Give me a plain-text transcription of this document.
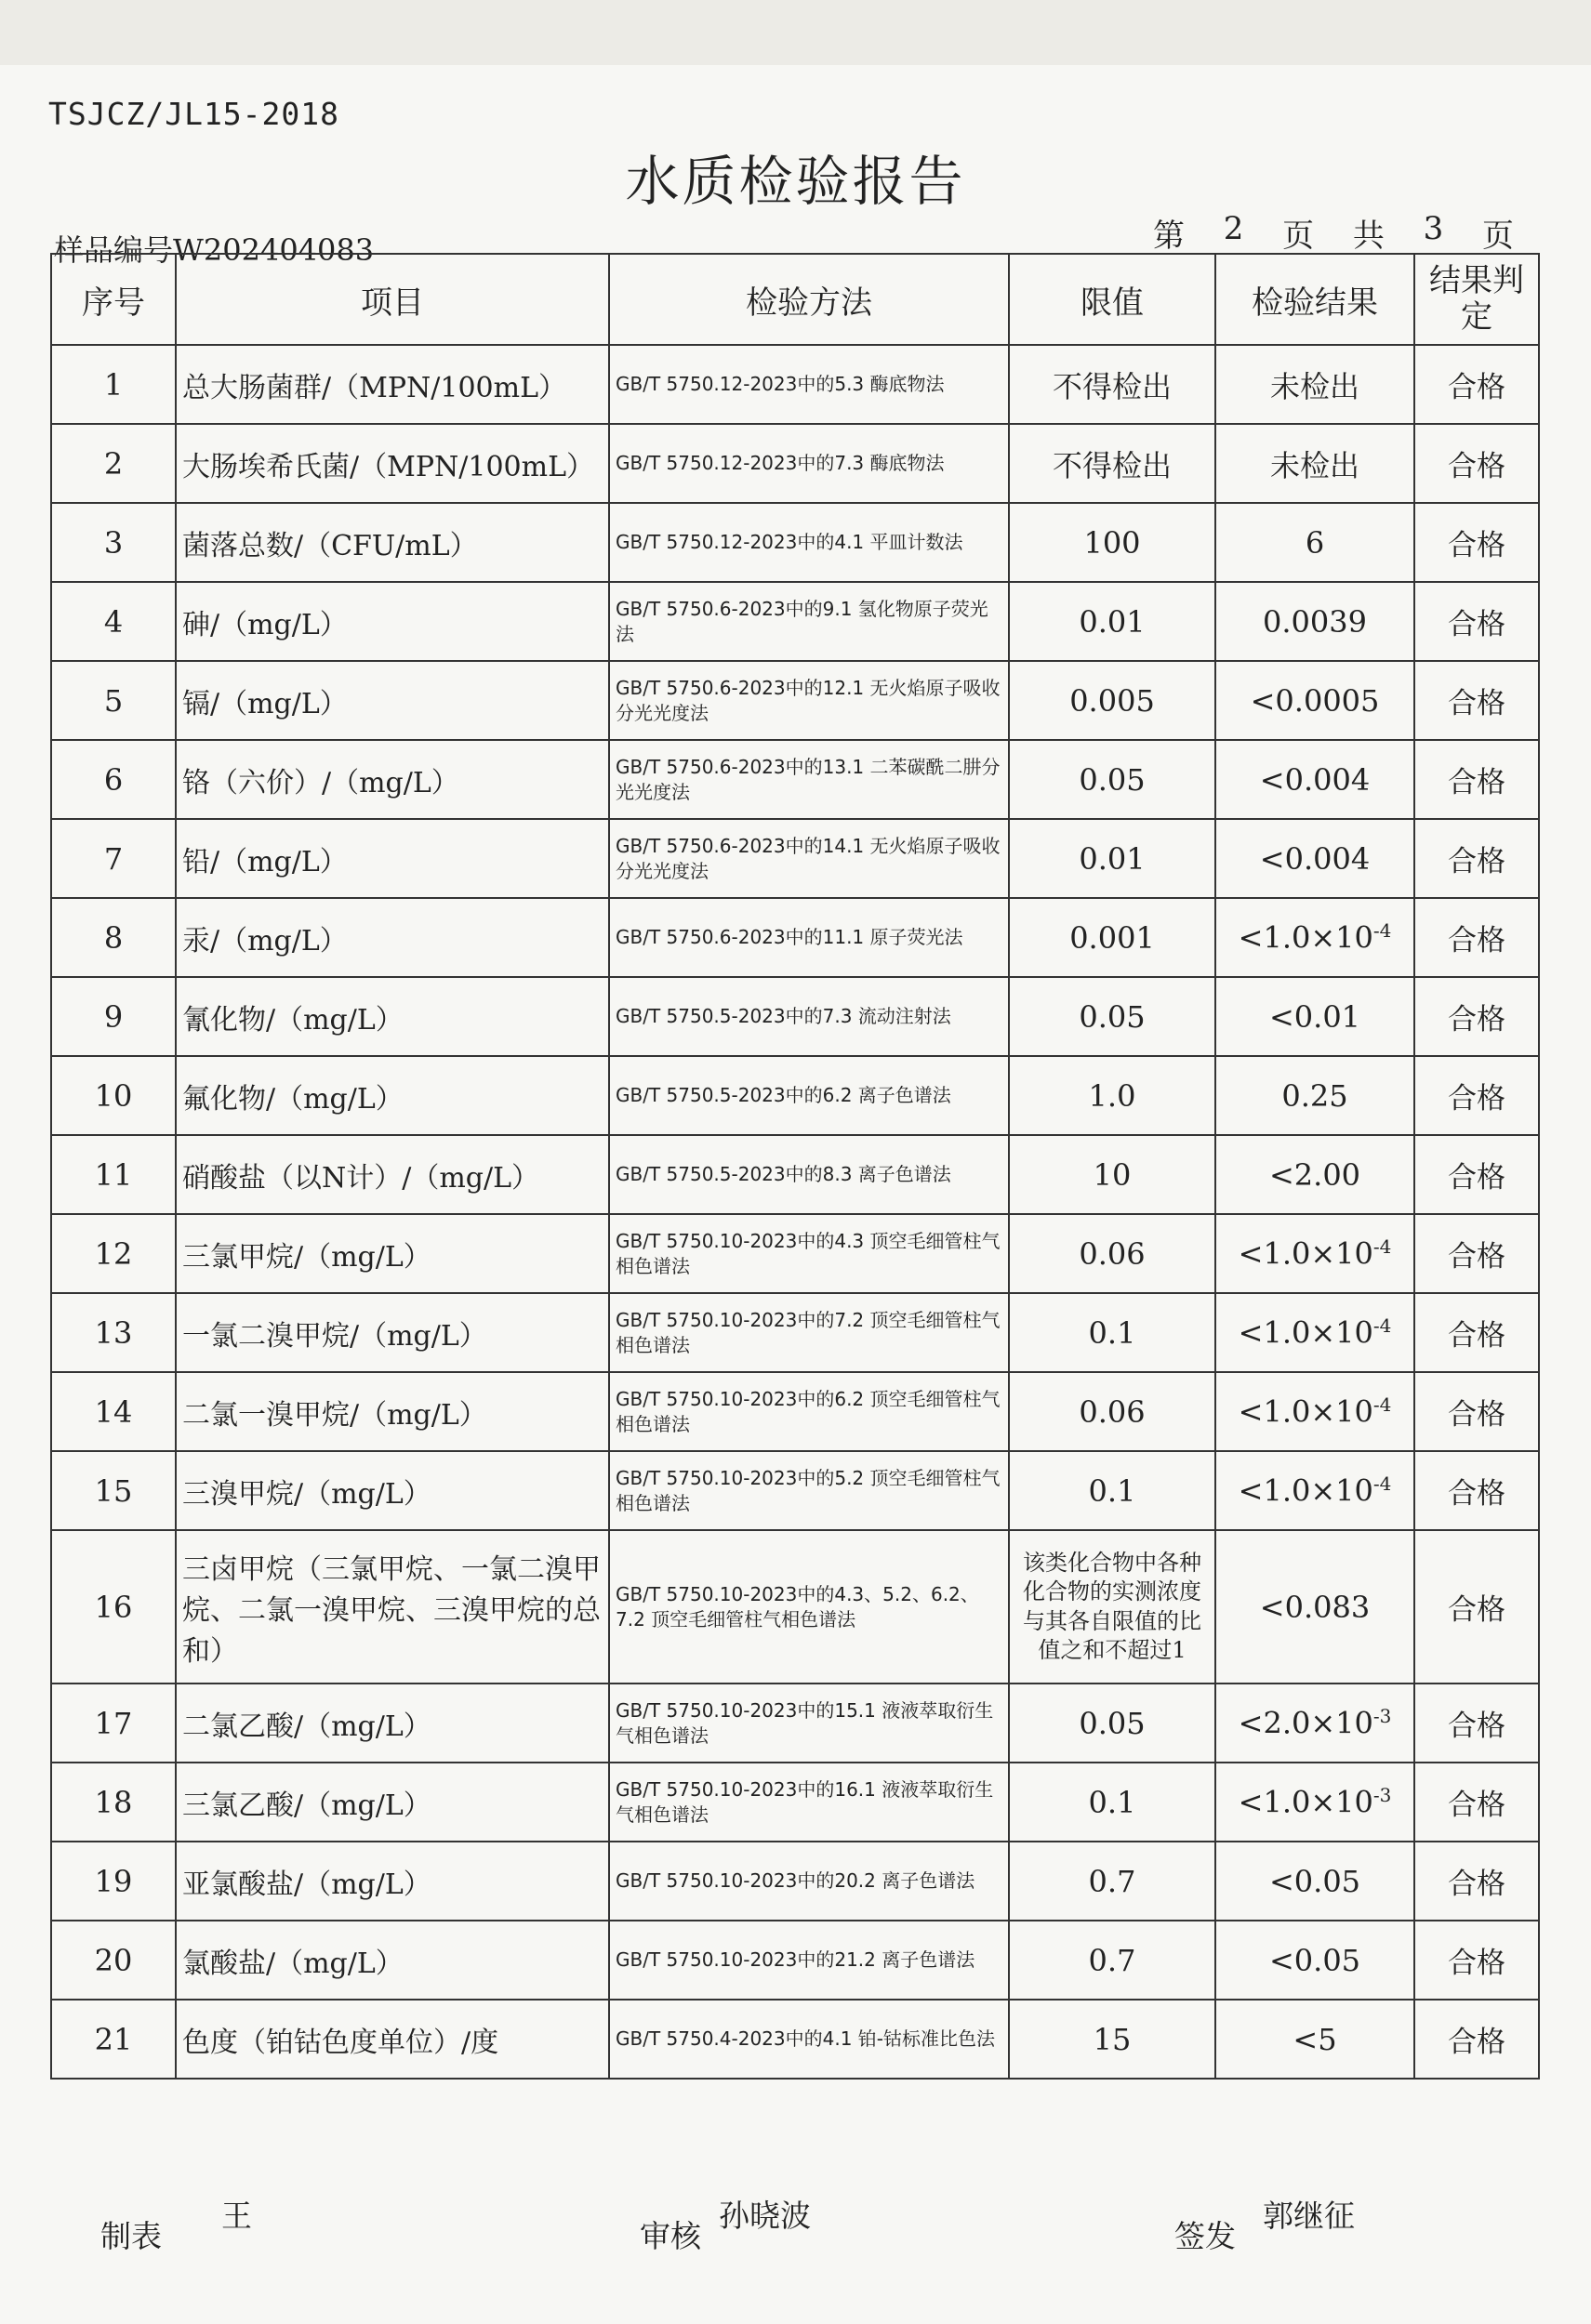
TSJCZ/JL15-2018
水质检验报告
样品编号W202404083	第 2 页 共 3 页
序号	项目	检验方法	限值	检验结果	结果判定
1	总大肠菌群/（MPN/100mL）	GB/T 5750.12-2023中的5.3 酶底物法	不得检出	未检出	合格
2	大肠埃希氏菌/（MPN/100mL）	GB/T 5750.12-2023中的7.3 酶底物法	不得检出	未检出	合格
3	菌落总数/（CFU/mL）	GB/T 5750.12-2023中的4.1 平皿计数法	100	6	合格
4	砷/（mg/L）	GB/T 5750.6-2023中的9.1 氢化物原子荧光法	0.01	0.0039	合格
5	镉/（mg/L）	GB/T 5750.6-2023中的12.1 无火焰原子吸收分光光度法	0.005	<0.0005	合格
6	铬（六价）/（mg/L）	GB/T 5750.6-2023中的13.1 二苯碳酰二肼分光光度法	0.05	<0.004	合格
7	铅/（mg/L）	GB/T 5750.6-2023中的14.1 无火焰原子吸收分光光度法	0.01	<0.004	合格
8	汞/（mg/L）	GB/T 5750.6-2023中的11.1 原子荧光法	0.001	$<1.0\times 10^{-4}$	合格
9	氰化物/（mg/L）	GB/T 5750.5-2023中的7.3 流动注射法	0.05	<0.01	合格
10	氟化物/（mg/L）	GB/T 5750.5-2023中的6.2 离子色谱法	1.0	0.25	合格
11	硝酸盐（以N计）/（mg/L）	GB/T 5750.5-2023中的8.3 离子色谱法	10	<2.00	合格
12	三氯甲烷/（mg/L）	GB/T 5750.10-2023中的4.3 顶空毛细管柱气相色谱法	0.06	$<1.0\times 10^{-4}$	合格
13	一氯二溴甲烷/（mg/L）	GB/T 5750.10-2023中的7.2 顶空毛细管柱气相色谱法	0.1	$<1.0\times 10^{-4}$	合格
14	二氯一溴甲烷/（mg/L）	GB/T 5750.10-2023中的6.2 顶空毛细管柱气相色谱法	0.06	$<1.0\times 10^{-4}$	合格
15	三溴甲烷/（mg/L）	GB/T 5750.10-2023中的5.2 顶空毛细管柱气相色谱法	0.1	$<1.0\times 10^{-4}$	合格
16	三卤甲烷（三氯甲烷、一氯二溴甲烷、二氯一溴甲烷、三溴甲烷的总和）	GB/T 5750.10-2023中的4.3、5.2、6.2、7.2 顶空毛细管柱气相色谱法	该类化合物中各种化合物的实测浓度与其各自限值的比值之和不超过1	<0.083	合格
17	二氯乙酸/（mg/L）	GB/T 5750.10-2023中的15.1 液液萃取衍生气相色谱法	0.05	$<2.0\times 10^{-3}$	合格
18	三氯乙酸/（mg/L）	GB/T 5750.10-2023中的16.1 液液萃取衍生气相色谱法	0.1	$<1.0\times 10^{-3}$	合格
19	亚氯酸盐/（mg/L）	GB/T 5750.10-2023中的20.2 离子色谱法	0.7	<0.05	合格
20	氯酸盐/（mg/L）	GB/T 5750.10-2023中的21.2 离子色谱法	0.7	<0.05	合格
21	色度（铂钴色度单位）/度	GB/T 5750.4-2023中的4.1 铂-钴标准比色法	15	<5	合格
制表
王
审核
孙晓波
签发
郭继征
